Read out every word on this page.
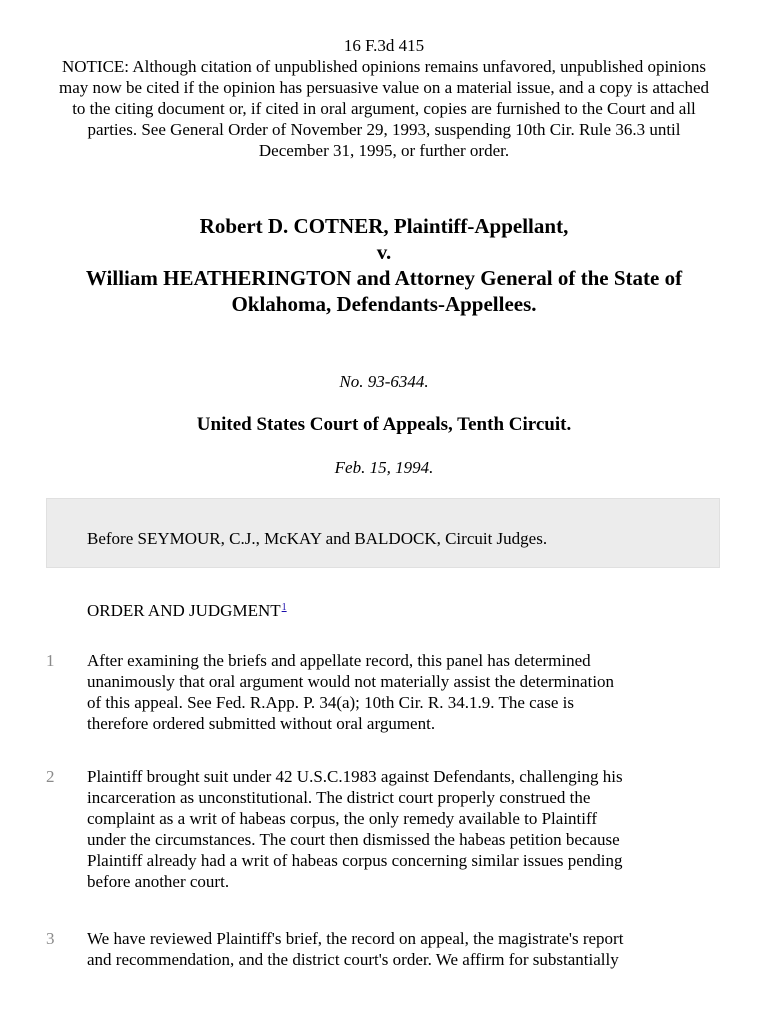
16 F.3d 415
NOTICE: Although citation of unpublished opinions remains unfavored, unpublished opinions may now be cited if the opinion has persuasive value on a material issue, and a copy is attached to the citing document or, if cited in oral argument, copies are furnished to the Court and all parties. See General Order of November 29, 1993, suspending 10th Cir. Rule 36.3 until December 31, 1995, or further order.
Robert D. COTNER, Plaintiff-Appellant,
v.
William HEATHERINGTON and Attorney General of the State of
Oklahoma, Defendants-Appellees.
No. 93-6344.
United States Court of Appeals, Tenth Circuit.
Feb. 15, 1994.
Before SEYMOUR, C.J., McKAY and BALDOCK, Circuit Judges.
ORDER AND JUDGMENT$^1$
1 After examining the briefs and appellate record, this panel has determined
unanimously that oral argument would not materially assist the determination
of this appeal. See Fed. R.App. P. 34(a); 10th Cir. R. 34.1.9. The case is
therefore ordered submitted without oral argument.
2 Plaintiff brought suit under 42 U.S.C.1983 against Defendants, challenging his
incarceration as unconstitutional. The district court properly construed the
complaint as a writ of habeas corpus, the only remedy available to Plaintiff
under the circumstances. The court then dismissed the habeas petition because
Plaintiff already had a writ of habeas corpus concerning similar issues pending
before another court.
3 We have reviewed Plaintiff's brief, the record on appeal, the magistrate's report
and recommendation, and the district court's order. We affirm for substantially
